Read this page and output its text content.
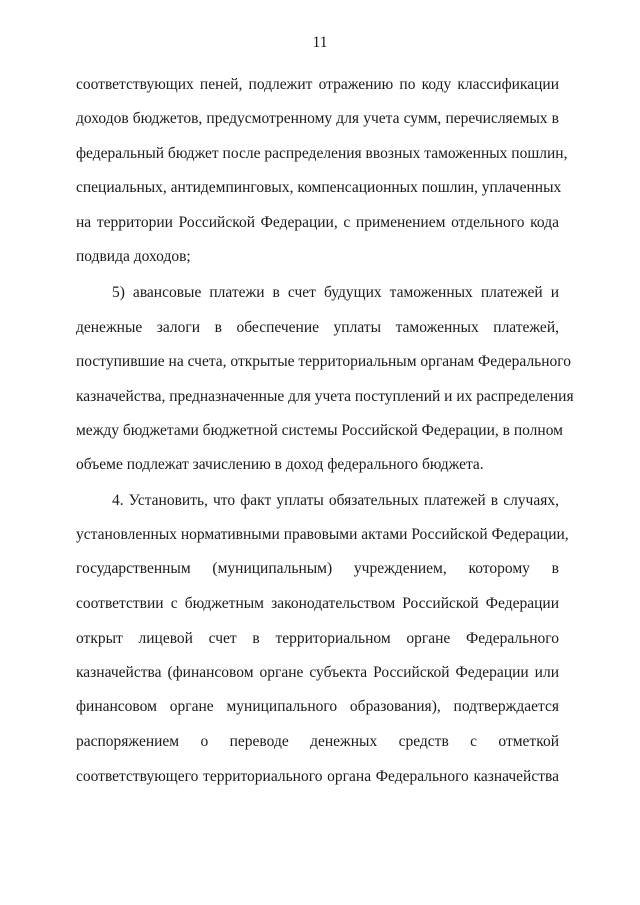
11
соответствующих пеней, подлежит отражению по коду классификации
доходов бюджетов, предусмотренному для учета сумм, перечисляемых в
федеральный бюджет после распределения ввозных таможенных пошлин,
специальных, антидемпинговых, компенсационных пошлин, уплаченных
на территории Российской Федерации, с применением отдельного кода
подвида доходов;
5) авансовые платежи в счет будущих таможенных платежей и
денежные залоги в обеспечение уплаты таможенных платежей,
поступившие на счета, открытые территориальным органам Федерального
казначейства, предназначенные для учета поступлений и их распределения
между бюджетами бюджетной системы Российской Федерации, в полном
объеме подлежат зачислению в доход федерального бюджета.
4. Установить, что факт уплаты обязательных платежей в случаях,
установленных нормативными правовыми актами Российской Федерации,
государственным (муниципальным) учреждением, которому в
соответствии с бюджетным законодательством Российской Федерации
открыт лицевой счет в территориальном органе Федерального
казначейства (финансовом органе субъекта Российской Федерации или
финансовом органе муниципального образования), подтверждается
распоряжением о переводе денежных средств с отметкой
соответствующего территориального органа Федерального казначейства
